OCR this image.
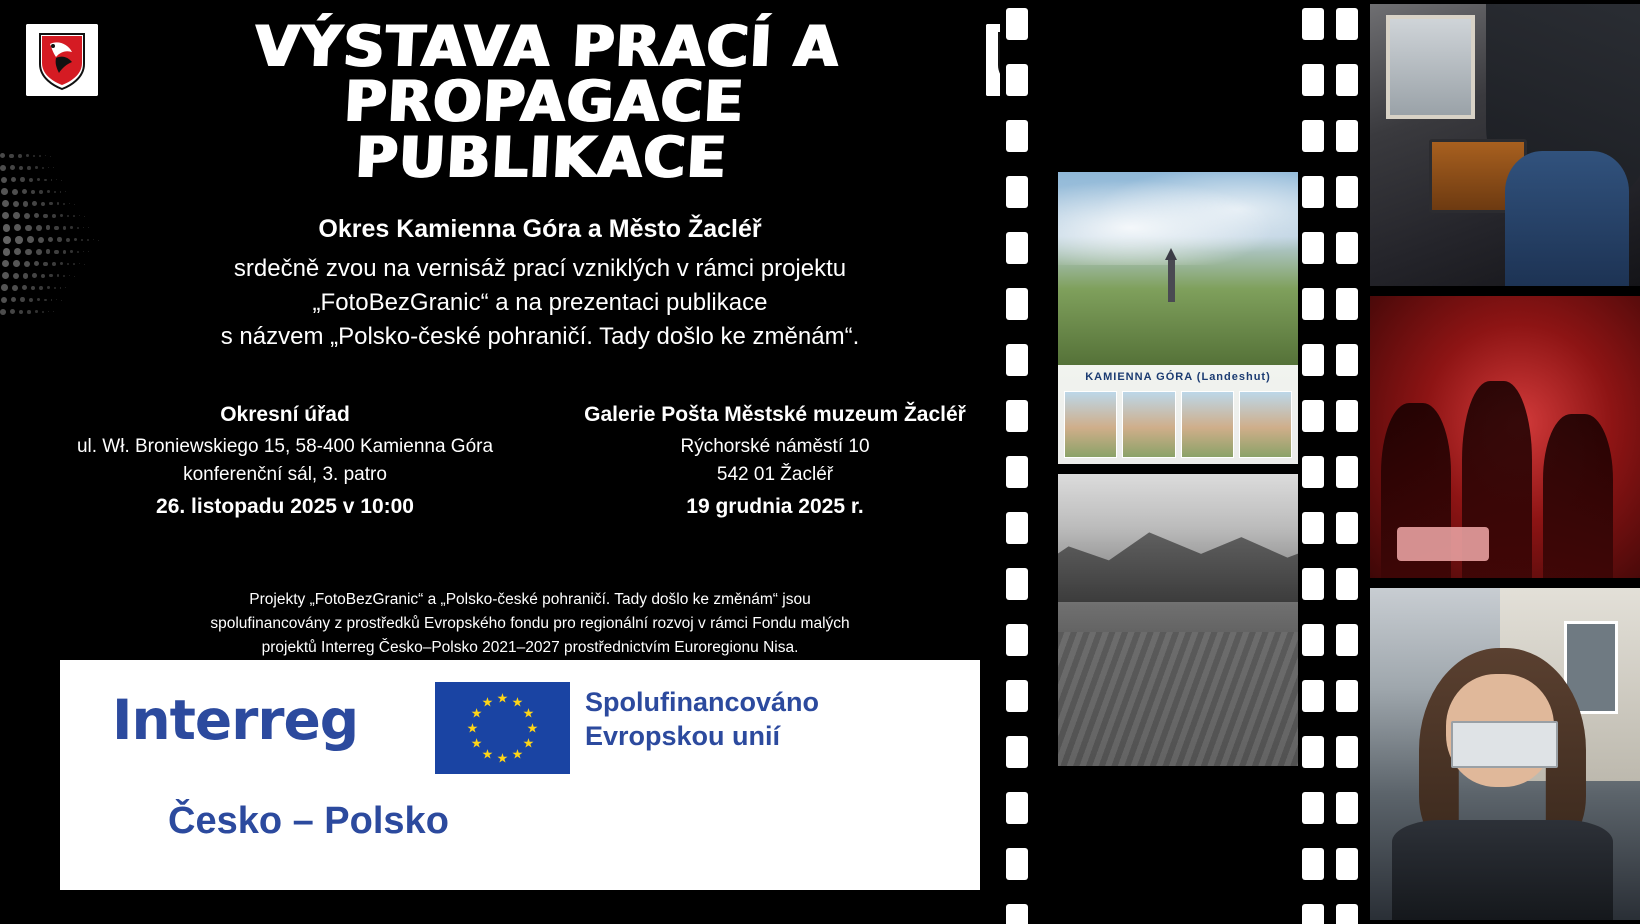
VÝSTAVA PRACÍ A PROPAGACE
PUBLIKACE
Okres Kamienna Góra a Město Žacléř
srdečně zvou na vernisáž prací vzniklých v rámci projektu
„FotoBezGranic“ a na prezentaci publikace
s názvem „Polsko-české pohraničí. Tady došlo ke změnám“.
Okresní úřad
ul. Wł. Broniewskiego 15, 58-400 Kamienna Góra
konferenční sál, 3. patro
26. listopadu 2025 v 10:00
Galerie Pošta Městské muzeum Žacléř
Rýchorské náměstí 10
542 01 Žacléř
19 grudnia 2025 r.
Projekty „FotoBezGranic“ a „Polsko-české pohraničí. Tady došlo ke změnám“ jsou
spolufinancovány z prostředků Evropského fondu pro regionální rozvoj v rámci Fondu malých
projektů Interreg Česko–Polsko 2021–2027 prostřednictvím Euroregionu Nisa.
Interreg	★ ★
★
★
★
★
★
★
★
★
★
★	Spolufinancováno
Evropskou unií
Česko – Polsko
KAMIENNA GÓRA (Landeshut)
